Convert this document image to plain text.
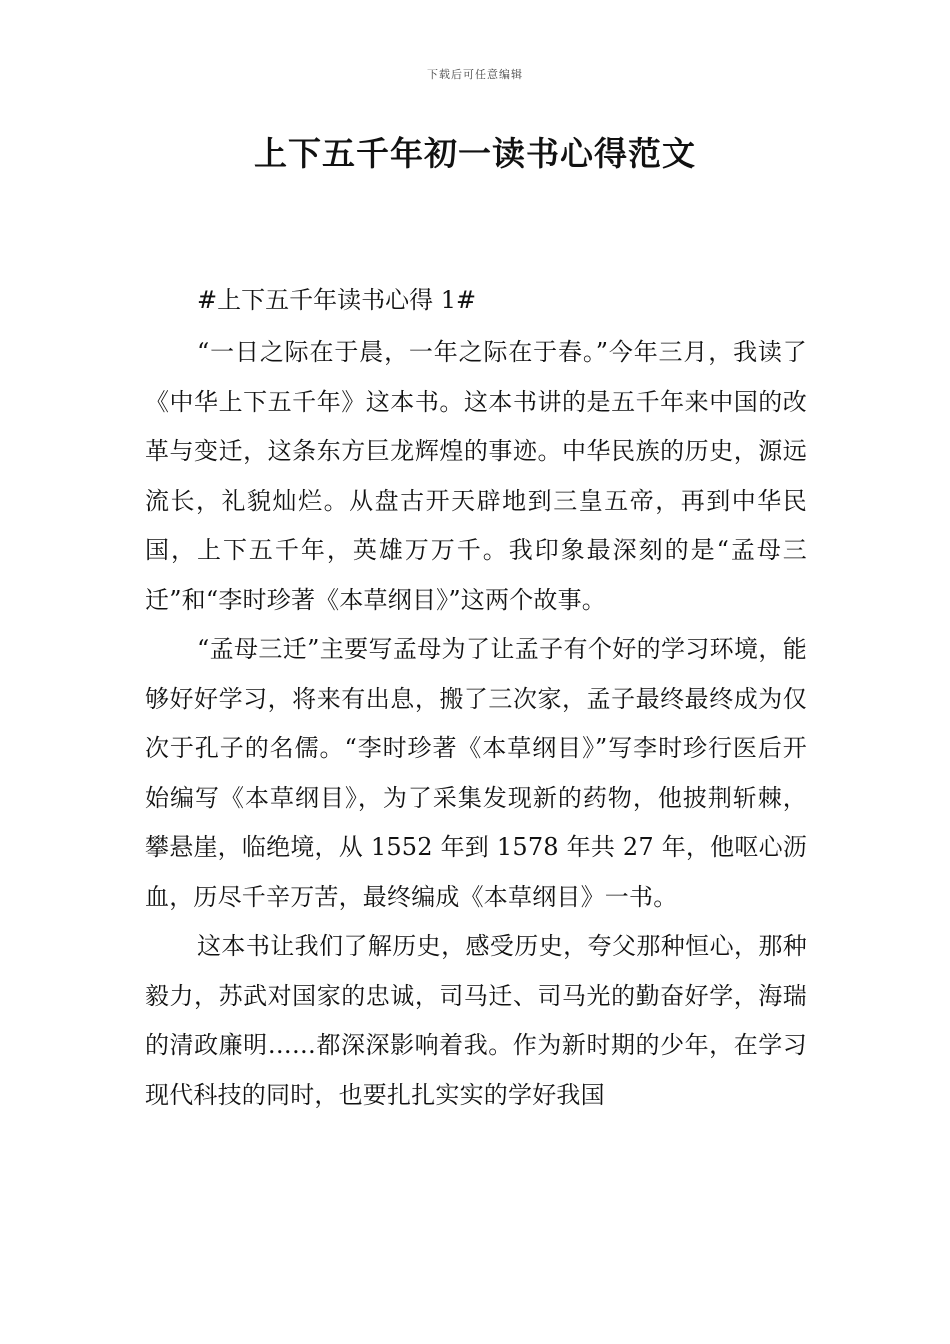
下载后可任意编辑
上下五千年初一读书心得范文

#上下五千年读书心得 1#

“一日之际在于晨，一年之际在于春。”今年三月，我读了《中华上下五千年》这本书。这本书讲的是五千年来中国的改革与变迁，这条东方巨龙辉煌的事迹。中华民族的历史，源远流长，礼貌灿烂。从盘古开天辟地到三皇五帝，再到中华民国，上下五千年，英雄万万千。我印象最深刻的是“孟母三迁”和“李时珍著《本草纲目》”这两个故事。

“孟母三迁”主要写孟母为了让孟子有个好的学习环境，能够好好学习，将来有出息，搬了三次家，孟子最终最终成为仅次于孔子的名儒。“李时珍著《本草纲目》”写李时珍行医后开始编写《本草纲目》，为了采集发现新的药物，他披荆斩棘，攀悬崖，临绝境，从 1552 年到 1578 年共 27 年，他呕心沥血，历尽千辛万苦，最终编成《本草纲目》一书。

这本书让我们了解历史，感受历史，夸父那种恒心，那种毅力，苏武对国家的忠诚，司马迁、司马光的勤奋好学，海瑞的清政廉明……都深深影响着我。作为新时期的少年，在学习现代科技的同时，也要扎扎实实的学好我国
